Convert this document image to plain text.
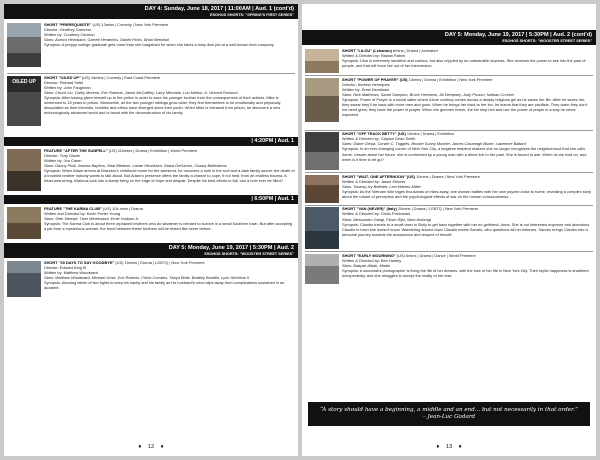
DAY 4: Sunday, June 18, 2017 | 11:00AM | Aud. 1 (cont'd)
ESOHOS SHORTS: "SPRING'S FIRST SERIES"

SHORT "PREREQUISITE" (US) 13mins | Comedy | New York Premiere

Director: Geoffrey Guerrero

Written by: Courtney Carreon

Stars: Aurora Heimbach, Garrett Hendricks, Daniel Hicks, Brian Bernitski

Synopsis: A preppy college graduate gets more than she bargained for when she takes a rinky dink job at a well-known tech company.

OILED UP

SHORT "OILED UP" (US) 16mins | Comedy | East Coast Premiere

Director: Richard Sefel

Written by: John Faughnan

Stars: Chuck Liu, Cathy Moreno, Eric Roberts, Jamie McCaffrey, Larry Mercado, Lou Mellon, A. Vincent Paolucci

Synopsis: After having given himself up to the police in order to save his younger brother from the consequences of their actions, Mike is sentenced to 15 years in prison. Meanwhile, as the two younger siblings grow older, they find themselves to be emotionally and physically dissociated as their interests, hobbies and ethics have diverged since their youth. When Mike is released from prison, he discovers a new technologically advanced world and is faced with the deconstruction of his family.

| 4:20PM | Aud. 1

FEATURE "AFTER THE SUNFELL" (US) 110mins | Drama | Exhibition | World Premiere

Director: Tony Glazer

Written by: Jon Caren

Stars: Danny Pudi, Jeanna Bayless, Neal Bledsoe, Lanae Henriksen, Diana DeGarmo, Chasty Ballesteros

Synopsis: When Adam arrives at Brandon's childhood home for the weekend, he uncovers a hole in the roof and a dark family secret: the death of a troubled brother nobody wants to talk about. But Adam's presence offers the family a chance to cope, if not heal, from an endless trauma. A heart-wrenching, hilarious look into a family living on the edge of hope and despair. Despite his best efforts to fail, can a hole ever be filled?

| 6:50PM | Aud. 1

FEATURE "THE KARMA CLUB" (US) 104 mins | Drama

Written and Directed by: Kevin Porter Young

Stars: Seth Stewart, Tami Winekoand, Ernie Hudson Jr.

Synopsis: The Karma Club is about three orphaned brothers who do whatever is needed to survive in a small Southern town. But after accepting a job from a mysterious woman, the bond between these brothers will be tested like never before.

DAY 5: Monday, June 19, 2017 | 5:30PM | Aud. 2
ESOHOS SHORTS: "WOOSTER STREET SERIES"

SHORT "30 DAYS TO SAY GOODBYE" (US) 15mins | Drama | LGBTQ | New York Premiere

Director: Edward King III

Written by: Matthew Woodward

Stars: Matthew Woodward, Michael Grise, Eric Roberts, Chloe Corrales, Taeya Bella, Bradley Bundlie, Lynn Strehlow II

Synopsis: Allowing father of two fights to keep his sanity and his family as his husband's mind slips away from complications sustained in an accident.

♦ 12 ♦
DAY 5: Monday, June 19, 2017 | 5:30PM | Aud. 2 (cont'd)
ESOHOS SHORTS: "WOOSTER STREET SERIES"

SHORT "LILOU" (Lebanon) 8mins | Drama | Animated

Written & Directed by: Rawan Rahim

Synopsis: Lilou is extremely sensitive and curious, but also crippled by an unbearable shyness. She receives the power to see into the past of people, and that will force her out of her introversion.

SHORT "POWER OF PRAYER" (US) 13mins | Drama | Exhibition | New York Premiere

Director: Andrew Henriques

Written by: Drew Henriksen

Stars: Nick Matthews, Sarah Sampino, Bruce Hermann, Jill Dempsey, Judy Pruson, Nathan Crocker

Synopsis: Power of Prayer is a social satire where Alone cowboy comes across a deeply religious girl as he saves her life. After he saves her, they swear they'll be back with more men and guns. When he brings her back to her kin, he learns that they are pacifists. They claim they don't not need guns; they have the power of prayer. When the gunmen return, the kin stop him and use the power of prayer in a way he never expected.

SHORT "OFF TRACK BETTY" (US) 13mins | Drama | Exhibition

Written & Directed by: Clayton Dean Smith

Stars: Diane Ciesla, Corwin C. Tuggles, Brooke Sunny Moriber, James Cavanagh Burke, Lawrence Ballard

Synopsis: In an ever-changing corner of New York City, a longtime resident realizes she no longer recognizes the neighborhood that she calls home. Unsure about her future, she is confronted by a young man with a direct link to her past. She is forced to ask: When do we hold on, and when is it time to let go?

SHORT "WAIT, ONE AFTERNOON" (US) 10mins | Drama | New York Premiere

Written & Directed by: Jason Stilover

Stars: Townsy-Ivy Bellister, Levi Mahlen Miller

Synopsis: As the Vietnam War rages thousands of miles away, one woman battles with her own psyche close to home, revealing a complex story about the nature of perception and the psychological effects of war on the human consciousness.

SHORT "VAN (NEVER)" (Italy) 20mins | Drama | LGBTQ | New York Premiere

Written & Directed by: Giulio Poidomani

Stars: Alessandro Gangi, Flavio Rijsi, Ilario Ambrogi

Synopsis: Claudio travels to a small town in Sicily to get back together with her ex-girlfriend, Anna. She is not interested anymore and abandons Claudio in town she doesn't know. Wandering around town Claudio meets Sandro, who questions all her believes. Sandro brings Claudio into a personal journey towards the acceptance and respect of herself.

SHORT "EARLY MOURNING" (US) 6mins | Drama | Dance | World Premiere

Written & Directed by: Ben Hartley

Stars: Babyah Albah, Martin

Synopsis: A successful photographer is living the life of her dreams, with the love of her life in New York City. Their idyllic happiness is shattered unexpectedly, and she struggles to accept the reality of her loss.

“A story should have a beginning, a middle and an end... but not necessarily in that order.” – Jean-Luc Godard
♦ 13 ♦
